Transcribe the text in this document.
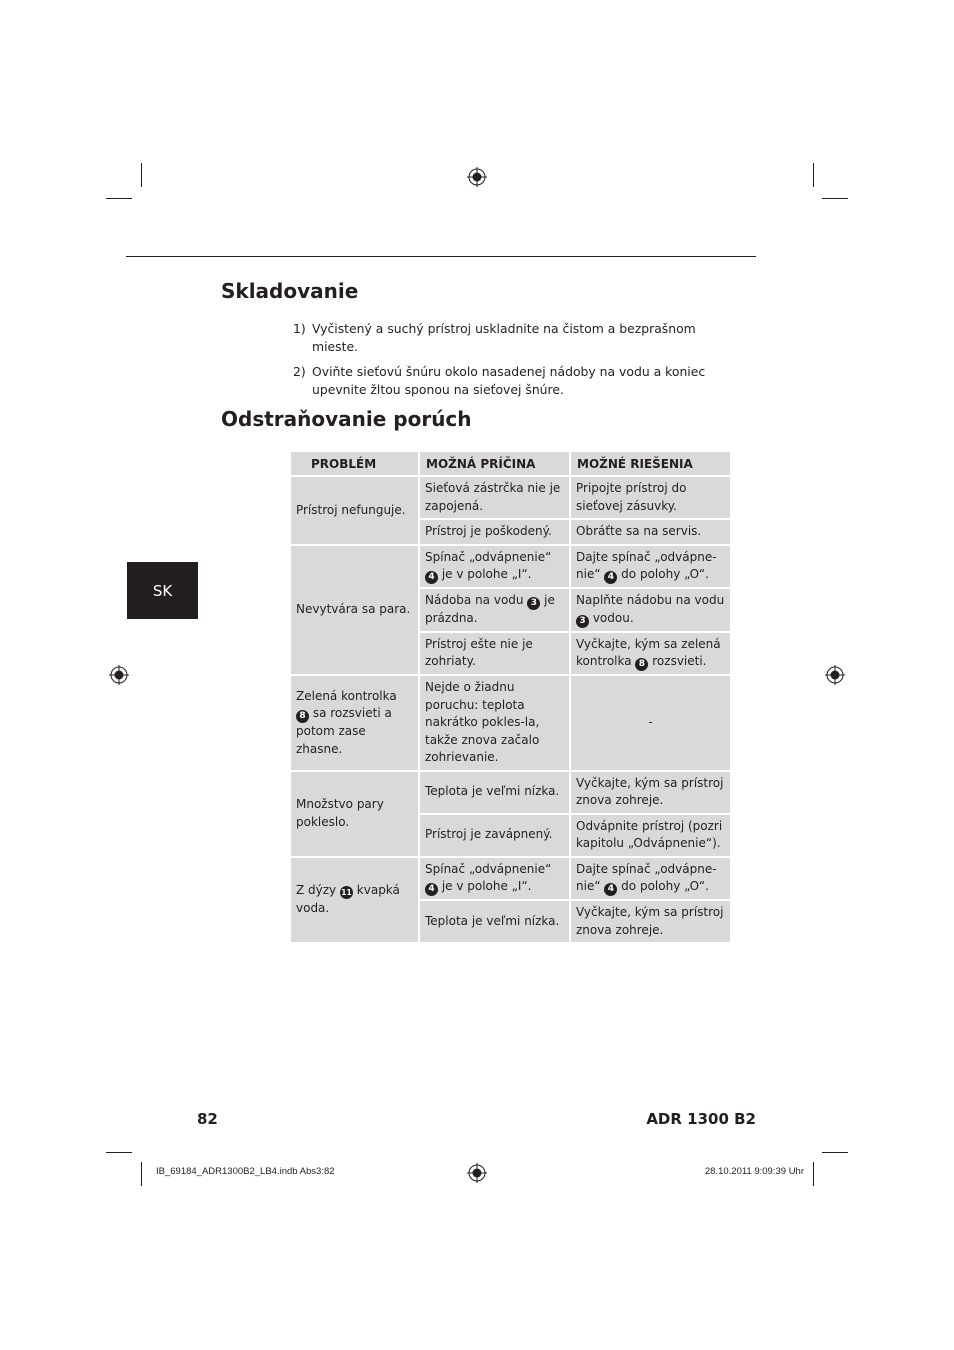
Skladovanie
1) Vyčistený a suchý prístroj uskladnite na čistom a bezprašnom mieste.
2) Oviňte sieťovú šnúru okolo nasadenej nádoby na vodu a koniec upevnite žltou sponou na sieťovej šnúre.
Odstraňovanie porúch
SK
PROBLÉM	MOŽNÁ PRÍČINA	MOŽNÉ RIEŠENIA
Prístroj nefunguje.	Sieťová zástrčka nie je zapojená.	Pripojte prístroj do sieťovej zásuvky.
	Prístroj je poškodený.	Obráťte sa na servis.
Nevytvára sa para.	Spínač „odvápnenie“ 4 je v polohe „I“.	Dajte spínač „odvápne-nie“ 4 do polohy „O“.
	Nádoba na vodu 3 je prázdna.	Naplňte nádobu na vodu 3 vodou.
	Prístroj ešte nie je zohriaty.	Vyčkajte, kým sa zelená kontrolka 8 rozsvieti.
Zelená kontrolka 8 sa rozsvieti a potom zase zhasne.	Nejde o žiadnu poruchu: teplota nakrátko pokles-la, takže znova začalo zohrievanie.	-
Množstvo pary pokleslo.	Teplota je veľmi nízka.	Vyčkajte, kým sa prístroj znova zohreje.
	Prístroj je zavápnený.	Odvápnite prístroj (pozri kapitolu „Odvápnenie“).
Z dýzy 11 kvapká voda.	Spínač „odvápnenie“ 4 je v polohe „I“.	Dajte spínač „odvápne-nie“ 4 do polohy „O“.
	Teplota je veľmi nízka.	Vyčkajte, kým sa prístroj znova zohreje.
82	ADR 1300 B2
IB_69184_ADR1300B2_LB4.indb Abs3:82	28.10.2011 9:09:39 Uhr
